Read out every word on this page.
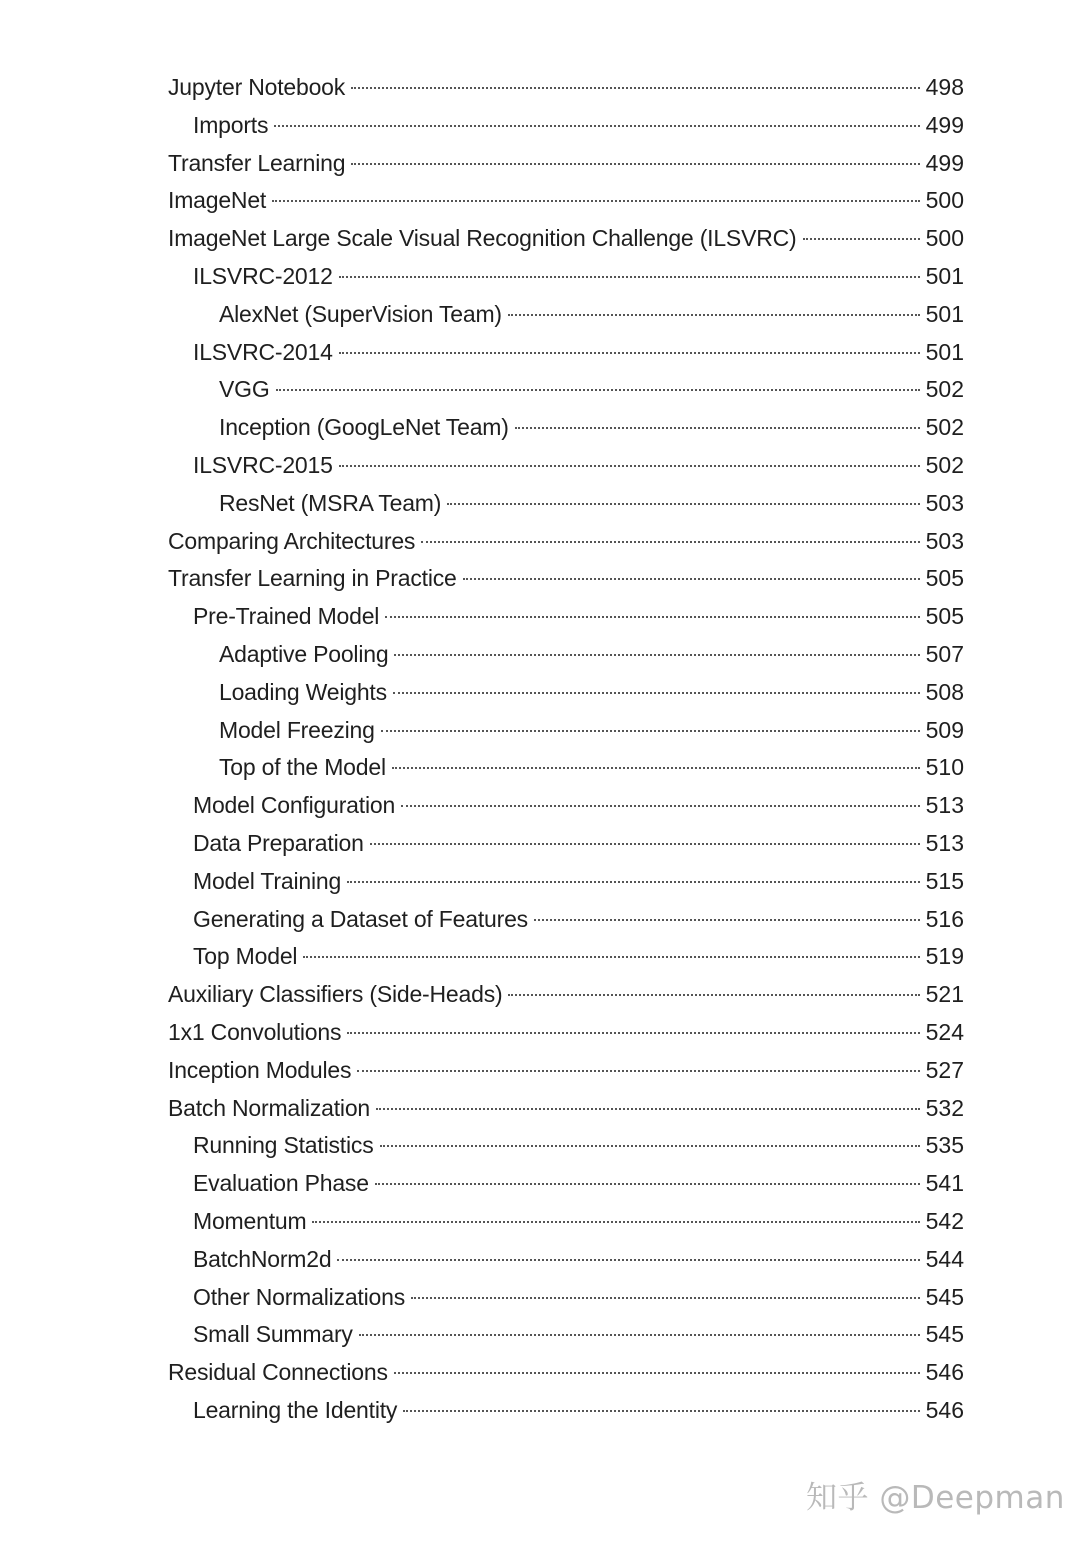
Jupyter Notebook	498
Imports	499
Transfer Learning	499
ImageNet	500
ImageNet Large Scale Visual Recognition Challenge (ILSVRC)	500
ILSVRC-2012	501
AlexNet (SuperVision Team)	501
ILSVRC-2014	501
VGG	502
Inception (GoogLeNet Team)	502
ILSVRC-2015	502
ResNet (MSRA Team)	503
Comparing Architectures	503
Transfer Learning in Practice	505
Pre-Trained Model	505
Adaptive Pooling	507
Loading Weights	508
Model Freezing	509
Top of the Model	510
Model Configuration	513
Data Preparation	513
Model Training	515
Generating a Dataset of Features	516
Top Model	519
Auxiliary Classifiers (Side-Heads)	521
1x1 Convolutions	524
Inception Modules	527
Batch Normalization	532
Running Statistics	535
Evaluation Phase	541
Momentum	542
BatchNorm2d	544
Other Normalizations	545
Small Summary	545
Residual Connections	546
Learning the Identity	546
知乎 @Deepman
